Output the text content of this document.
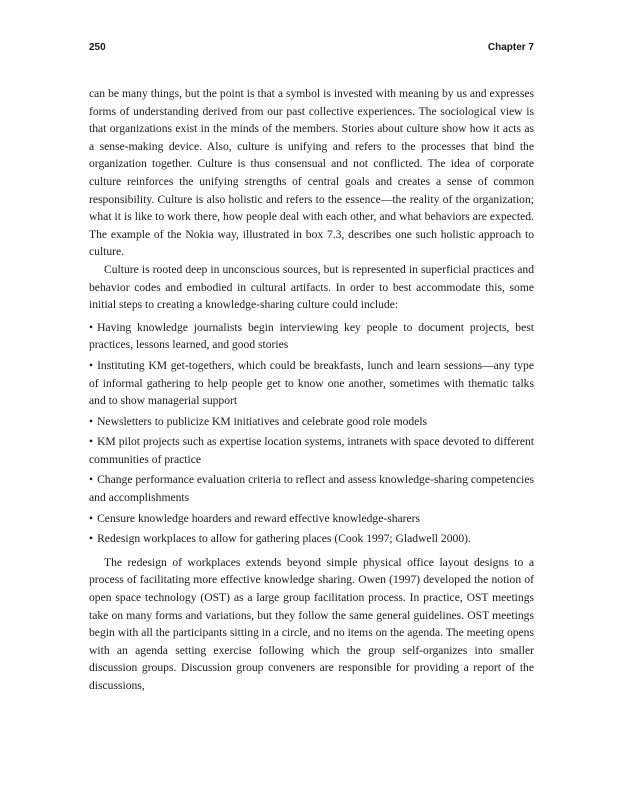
250	Chapter 7

can be many things, but the point is that a symbol is invested with meaning by us and expresses forms of understanding derived from our past collective experiences. The sociological view is that organizations exist in the minds of the members. Stories about culture show how it acts as a sense-making device. Also, culture is unifying and refers to the processes that bind the organization together. Culture is thus consensual and not conflicted. The idea of corporate culture reinforces the unifying strengths of central goals and creates a sense of common responsibility. Culture is also holistic and refers to the essence—the reality of the organization; what it is like to work there, how people deal with each other, and what behaviors are expected. The example of the Nokia way, illustrated in box 7.3, describes one such holistic approach to culture.

Culture is rooted deep in unconscious sources, but is represented in superficial practices and behavior codes and embodied in cultural artifacts. In order to best accommodate this, some initial steps to creating a knowledge-sharing culture could include:

• Having knowledge journalists begin interviewing key people to document projects, best practices, lessons learned, and good stories
• Instituting KM get-togethers, which could be breakfasts, lunch and learn sessions—any type of informal gathering to help people get to know one another, sometimes with thematic talks and to show managerial support
• Newsletters to publicize KM initiatives and celebrate good role models
• KM pilot projects such as expertise location systems, intranets with space devoted to different communities of practice
• Change performance evaluation criteria to reflect and assess knowledge-sharing competencies and accomplishments
• Censure knowledge hoarders and reward effective knowledge-sharers
• Redesign workplaces to allow for gathering places (Cook 1997; Gladwell 2000).

The redesign of workplaces extends beyond simple physical office layout designs to a process of facilitating more effective knowledge sharing. Owen (1997) developed the notion of open space technology (OST) as a large group facilitation process. In practice, OST meetings take on many forms and variations, but they follow the same general guidelines. OST meetings begin with all the participants sitting in a circle, and no items on the agenda. The meeting opens with an agenda setting exercise following which the group self-organizes into smaller discussion groups. Discussion group conveners are responsible for providing a report of the discussions,
